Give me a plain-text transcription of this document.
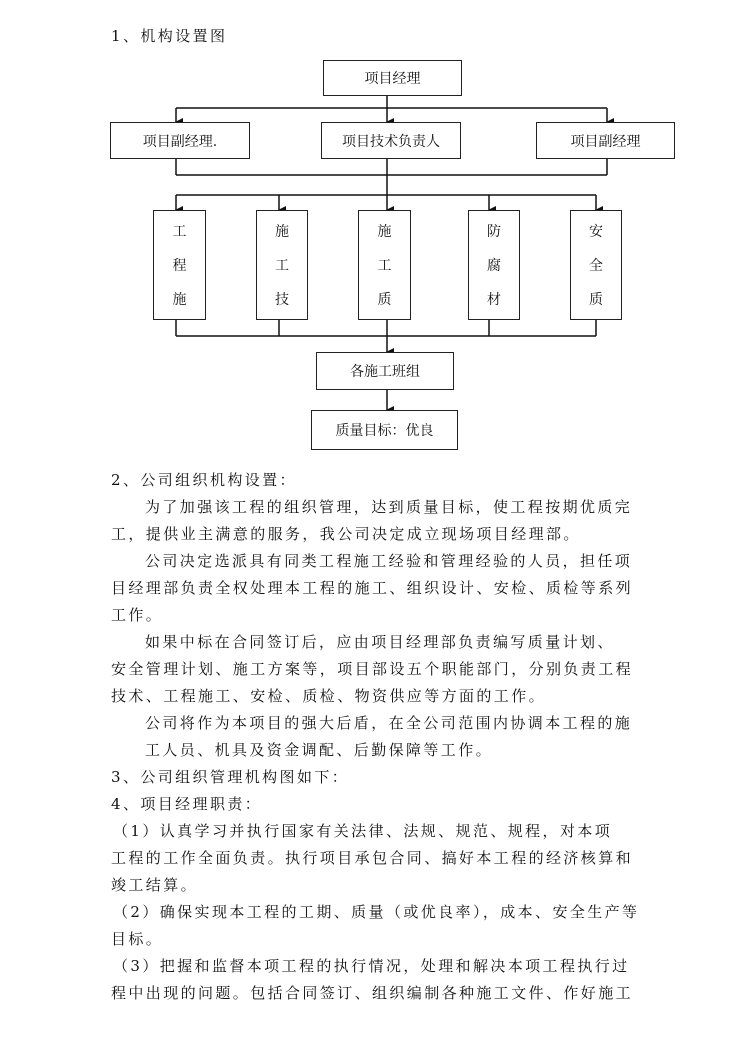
1、机构设置图
项目经理
项目副经理.	项目技术负责人	项目副经理
工
程
施
施
工
技
施
工
质
防
腐
材
安
全
质
各施工班组
质量目标：优良
2、公司组织机构设置：
为了加强该工程的组织管理，达到质量目标，使工程按期优质完
工，提供业主满意的服务，我公司决定成立现场项目经理部。
公司决定选派具有同类工程施工经验和管理经验的人员，担任项
目经理部负责全权处理本工程的施工、组织设计、安检、质检等系列
工作。
如果中标在合同签订后，应由项目经理部负责编写质量计划、
安全管理计划、施工方案等，项目部设五个职能部门，分别负责工程
技术、工程施工、安检、质检、物资供应等方面的工作。
公司将作为本项目的强大后盾，在全公司范围内协调本工程的施
工人员、机具及资金调配、后勤保障等工作。
3、公司组织管理机构图如下：
4、项目经理职责：
（1）认真学习并执行国家有关法律、法规、规范、规程，对本项
工程的工作全面负责。执行项目承包合同、搞好本工程的经济核算和
竣工结算。
（2）确保实现本工程的工期、质量（或优良率），成本、安全生产等
目标。
（3）把握和监督本项工程的执行情况，处理和解决本项工程执行过
程中出现的问题。包括合同签订、组织编制各种施工文件、作好施工
